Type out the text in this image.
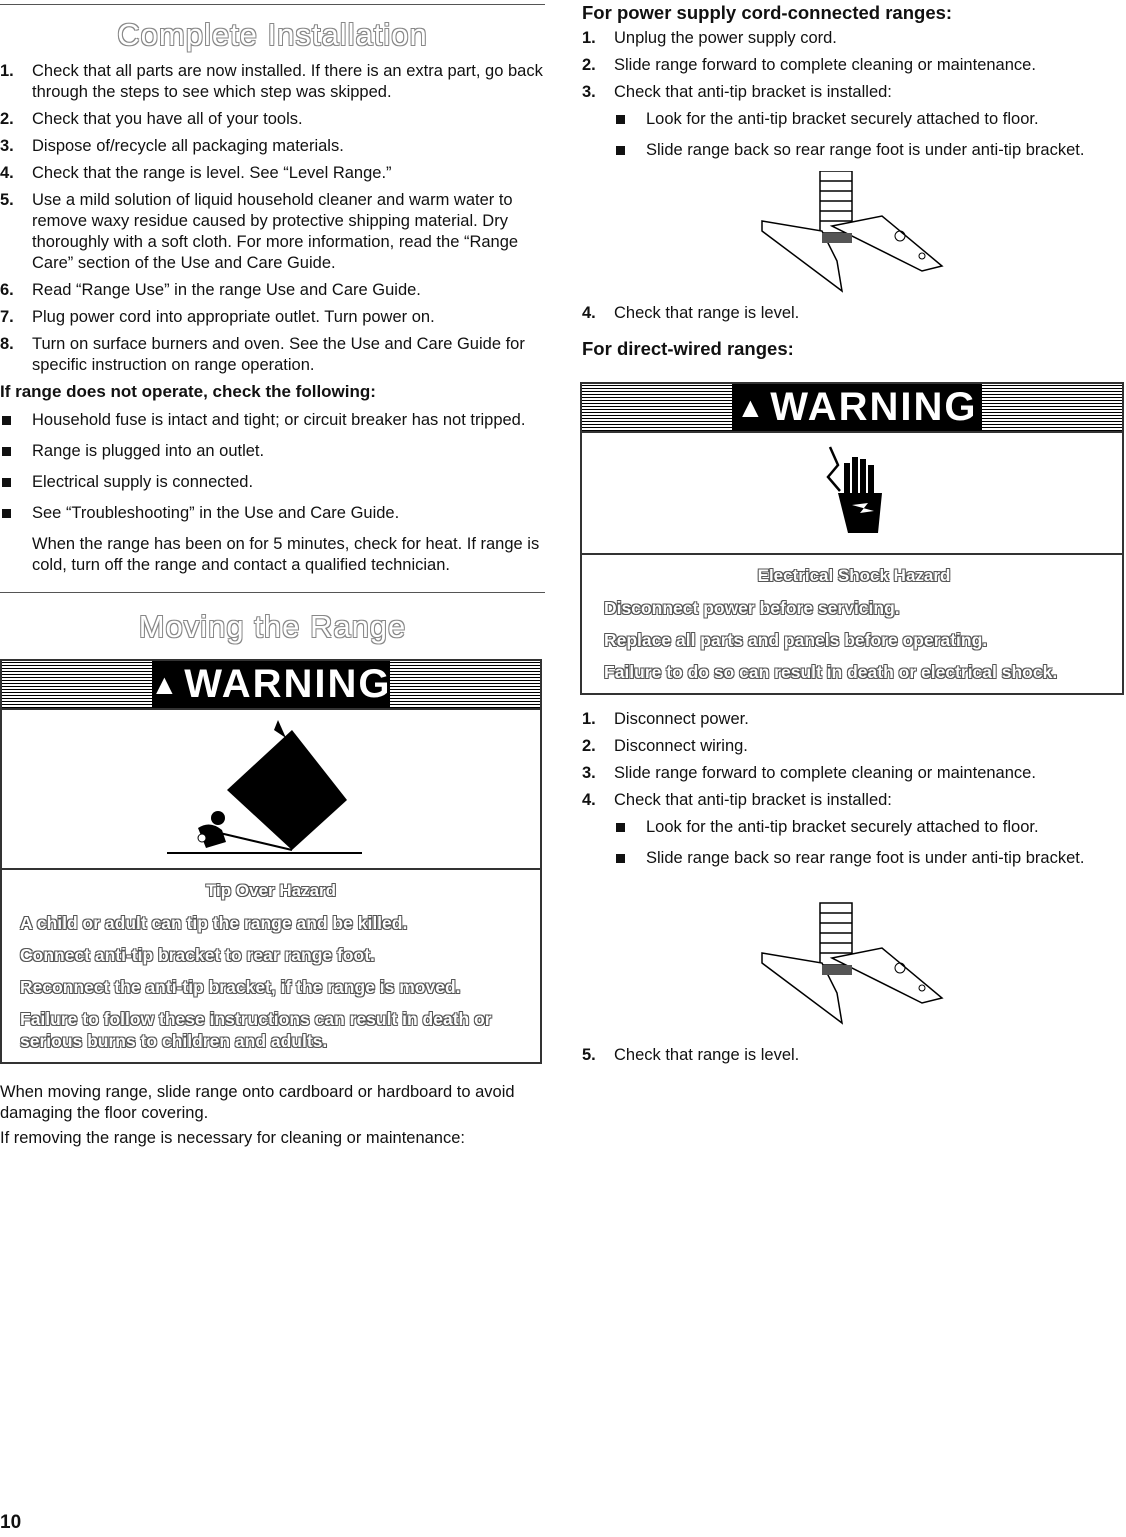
Complete Installation
1. Check that all parts are now installed. If there is an extra part, go back through the steps to see which step was skipped.
2. Check that you have all of your tools.
3. Dispose of/recycle all packaging materials.
4. Check that the range is level. See “Level Range.”
5. Use a mild solution of liquid household cleaner and warm water to remove waxy residue caused by protective shipping material. Dry thoroughly with a soft cloth. For more information, read the “Range Care” section of the Use and Care Guide.
6. Read “Range Use” in the range Use and Care Guide.
7. Plug power cord into appropriate outlet. Turn power on.
8. Turn on surface burners and oven. See the Use and Care Guide for specific instruction on range operation.
If range does not operate, check the following:
Household fuse is intact and tight; or circuit breaker has not tripped.
Range is plugged into an outlet.
Electrical supply is connected.
See “Troubleshooting” in the Use and Care Guide.
When the range has been on for 5 minutes, check for heat. If range is cold, turn off the range and contact a qualified technician.
Moving the Range
▲ WARNING
Tip Over Hazard

A child or adult can tip the range and be killed.

Connect anti-tip bracket to rear range foot.

Reconnect the anti-tip bracket, if the range is moved.

Failure to follow these instructions can result in death or serious burns to children and adults.

When moving range, slide range onto cardboard or hardboard to avoid damaging the floor covering.
If removing the range is necessary for cleaning or maintenance:
For power supply cord-connected ranges:
1. Unplug the power supply cord.
2. Slide range forward to complete cleaning or maintenance.
3. Check that anti-tip bracket is installed:
Look for the anti-tip bracket securely attached to floor.
Slide range back so rear range foot is under anti-tip bracket.
4. Check that range is level.
For direct-wired ranges:
▲ WARNING
Electrical Shock Hazard

Disconnect power before servicing.

Replace all parts and panels before operating.

Failure to do so can result in death or electrical shock.

1. Disconnect power.
2. Disconnect wiring.
3. Slide range forward to complete cleaning or maintenance.
4. Check that anti-tip bracket is installed:
Look for the anti-tip bracket securely attached to floor.
Slide range back so rear range foot is under anti-tip bracket.
5. Check that range is level.
10
